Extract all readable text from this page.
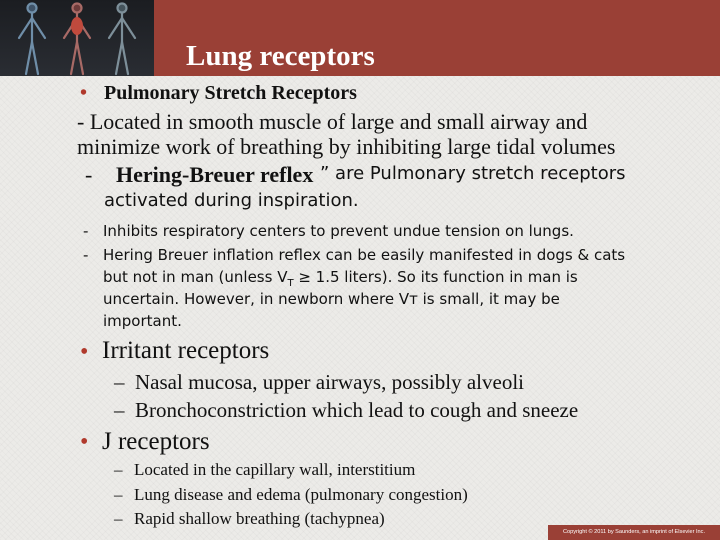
Lung receptors
• Pulmonary Stretch Receptors
- Located in smooth muscle of large and small airway and
minimize work of breathing by inhibiting large tidal volumes
- Hering-Breuer reflex ” are Pulmonary stretch receptors
activated during inspiration.
- Inhibits respiratory centers to prevent undue tension on lungs.
- Hering Breuer inflation reflex can be easily manifested in dogs & cats
but not in man (unless $V_T \ge 1.5$ liters). So its function in man is
uncertain. However, in newborn where Vᴛ is small, it may be
important.
• Irritant receptors
– Nasal mucosa, upper airways, possibly alveoli
– Bronchoconstriction which lead to cough and sneeze
• J receptors
– Located in the capillary wall, interstitium
– Lung disease and edema (pulmonary congestion)
– Rapid shallow breathing (tachypnea)
Copyright © 2011 by Saunders, an imprint of Elsevier Inc.
